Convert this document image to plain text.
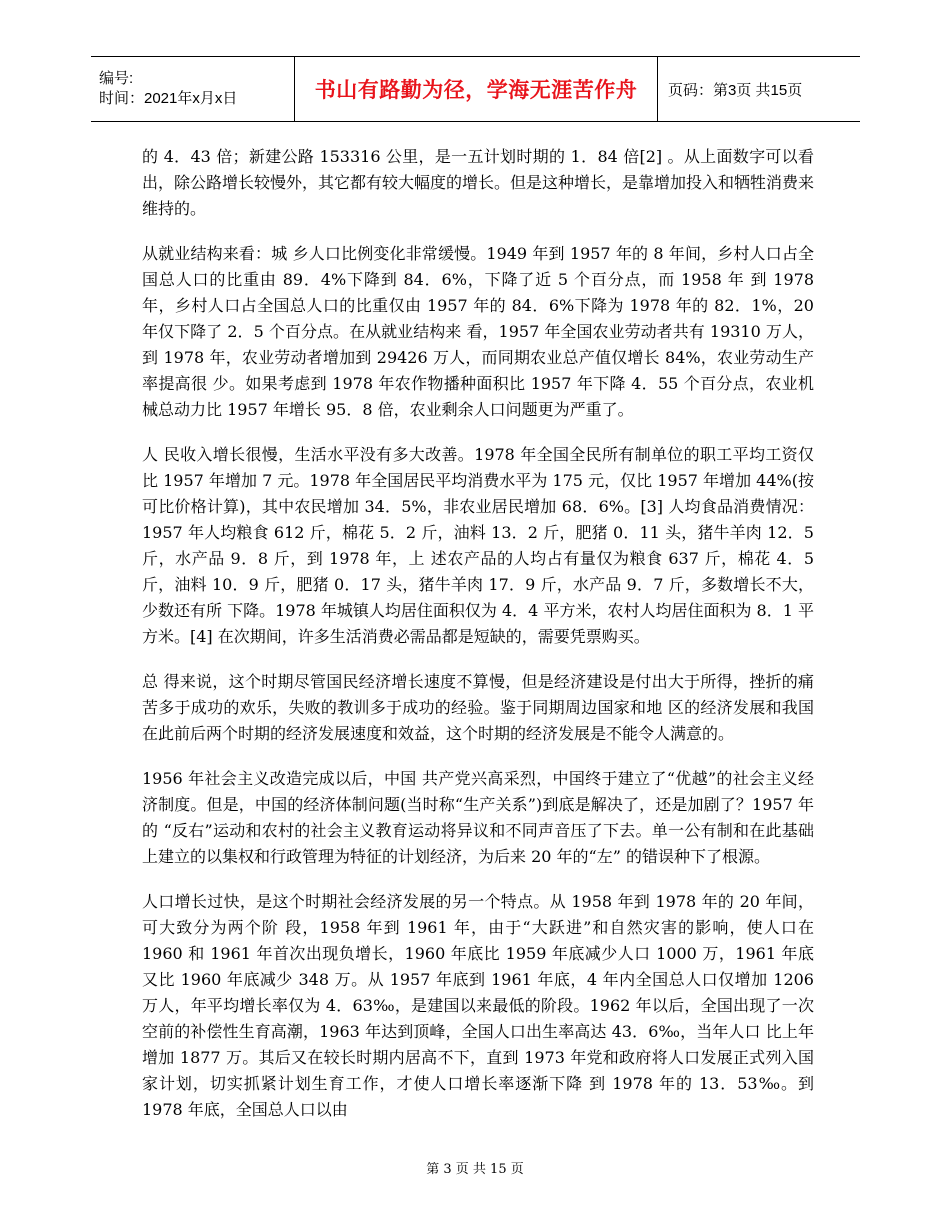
编号:
时间：2021年x月x日	书山有路勤为径，学海无涯苦作舟	页码：第3页 共15页

的 4．43 倍；新建公路 153316 公里，是一五计划时期的 1．84 倍[2] 。从上面数字可以看出，除公路增长较慢外，其它都有较大幅度的增长。但是这种增长，是靠增加投入和牺牲消费来维持的。

从就业结构来看：城 乡人口比例变化非常缓慢。1949 年到 1957 年的 8 年间，乡村人口占全国总人口的比重由 89．4%下降到 84．6%，下降了近 5 个百分点，而 1958 年 到 1978 年，乡村人口占全国总人口的比重仅由 1957 年的 84．6%下降为 1978 年的 82．1%，20 年仅下降了 2．5 个百分点。在从就业结构来 看，1957 年全国农业劳动者共有 19310 万人，到 1978 年，农业劳动者增加到 29426 万人，而同期农业总产值仅增长 84%，农业劳动生产率提高很 少。如果考虑到 1978 年农作物播种面积比 1957 年下降 4．55 个百分点，农业机械总动力比 1957 年增长 95．8 倍，农业剩余人口问题更为严重了。

人 民收入增长很慢，生活水平没有多大改善。1978 年全国全民所有制单位的职工平均工资仅比 1957 年增加 7 元。1978 年全国居民平均消费水平为 175 元，仅比 1957 年增加 44%(按可比价格计算)，其中农民增加 34．5%，非农业居民增加 68．6%。[3] 人均食品消费情况：1957 年人均粮食 612 斤，棉花 5．2 斤，油料 13．2 斤，肥猪 0．11 头，猪牛羊肉 12．5 斤，水产品 9．8 斤，到 1978 年，上 述农产品的人均占有量仅为粮食 637 斤，棉花 4．5 斤，油料 10．9 斤，肥猪 0．17 头，猪牛羊肉 17．9 斤，水产品 9．7 斤，多数增长不大，少数还有所 下降。1978 年城镇人均居住面积仅为 4．4 平方米，农村人均居住面积为 8．1 平方米。[4] 在次期间，许多生活消费必需品都是短缺的，需要凭票购买。

总 得来说，这个时期尽管国民经济增长速度不算慢，但是经济建设是付出大于所得，挫折的痛苦多于成功的欢乐，失败的教训多于成功的经验。鉴于同期周边国家和地 区的经济发展和我国在此前后两个时期的经济发展速度和效益，这个时期的经济发展是不能令人满意的。

1956 年社会主义改造完成以后，中国 共产党兴高采烈，中国终于建立了“优越”的社会主义经济制度。但是，中国的经济体制问题(当时称“生产关系”)到底是解决了，还是加剧了？1957 年的 “反右”运动和农村的社会主义教育运动将异议和不同声音压了下去。单一公有制和在此基础上建立的以集权和行政管理为特征的计划经济，为后来 20 年的“左” 的错误种下了根源。

人口增长过快，是这个时期社会经济发展的另一个特点。从 1958 年到 1978 年的 20 年间，可大致分为两个阶 段，1958 年到 1961 年，由于“大跃进”和自然灾害的影响，使人口在 1960 和 1961 年首次出现负增长，1960 年底比 1959 年底减少人口 1000 万，1961 年底又比 1960 年底减少 348 万。从 1957 年底到 1961 年底，4 年内全国总人口仅增加 1206 万人，年平均增长率仅为 4．63‰，是建国以来最低的阶段。1962 年以后，全国出现了一次空前的补偿性生育高潮，1963 年达到顶峰，全国人口出生率高达 43．6‰，当年人口 比上年增加 1877 万。其后又在较长时期内居高不下，直到 1973 年党和政府将人口发展正式列入国家计划，切实抓紧计划生育工作，才使人口增长率逐渐下降 到 1978 年的 13．53‰。到 1978 年底，全国总人口以由

第 3 页 共 15 页
